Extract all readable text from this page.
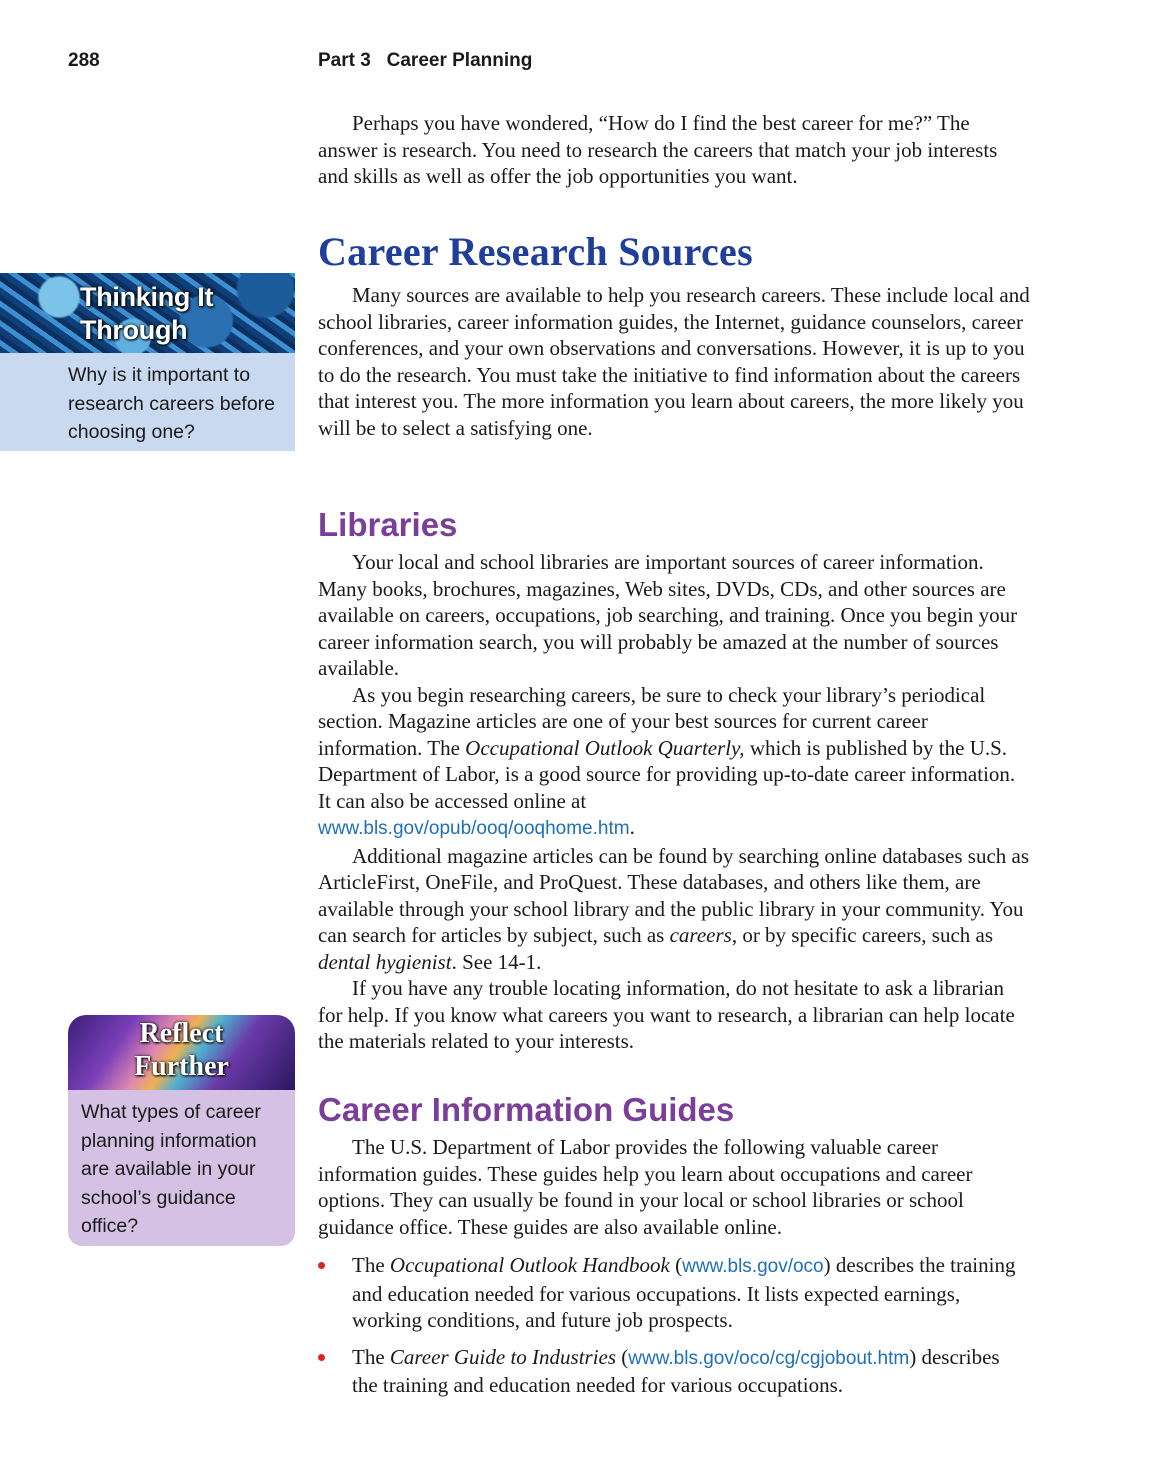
288	Part 3   Career Planning
Thinking It
Through
Why is it important to research careers before choosing one?
Reflect
Further
What types of career planning information are available in your school’s guidance office?

Perhaps you have wondered, “How do I find the best career for me?” The answer is research. You need to research the careers that match your job interests and skills as well as offer the job opportunities you want.

Career Research Sources

Many sources are available to help you research careers. These include local and school libraries, career information guides, the Internet, guidance counselors, career conferences, and your own observations and conversations. However, it is up to you to do the research. You must take the initiative to find information about the careers that interest you. The more information you learn about careers, the more likely you will be to select a satisfying one.

Libraries

Your local and school libraries are important sources of career information. Many books, brochures, magazines, Web sites, DVDs, CDs, and other sources are available on careers, occupations, job searching, and training. Once you begin your career information search, you will probably be amazed at the number of sources available.

As you begin researching careers, be sure to check your library’s periodical section. Magazine articles are one of your best sources for current career information. The Occupational Outlook Quarterly, which is published by the U.S. Department of Labor, is a good source for providing up-to-date career information. It can also be accessed online at
www.bls.gov/opub/ooq/ooqhome.htm.

Additional magazine articles can be found by searching online databases such as ArticleFirst, OneFile, and ProQuest. These databases, and others like them, are available through your school library and the public library in your community. You can search for articles by subject, such as careers, or by specific careers, such as dental hygienist. See 14-1.

If you have any trouble locating information, do not hesitate to ask a librarian for help. If you know what careers you want to research, a librarian can help locate the materials related to your interests.

Career Information Guides

The U.S. Department of Labor provides the following valuable career information guides. These guides help you learn about occupations and career options. They can usually be found in your local or school libraries or school guidance office. These guides are also available online.

The Occupational Outlook Handbook (www.bls.gov/oco) describes the training and education needed for various occupations. It lists expected earnings, working conditions, and future job prospects.
The Career Guide to Industries (www.bls.gov/oco/cg/cgjobout.htm) describes the training and education needed for various occupations.
